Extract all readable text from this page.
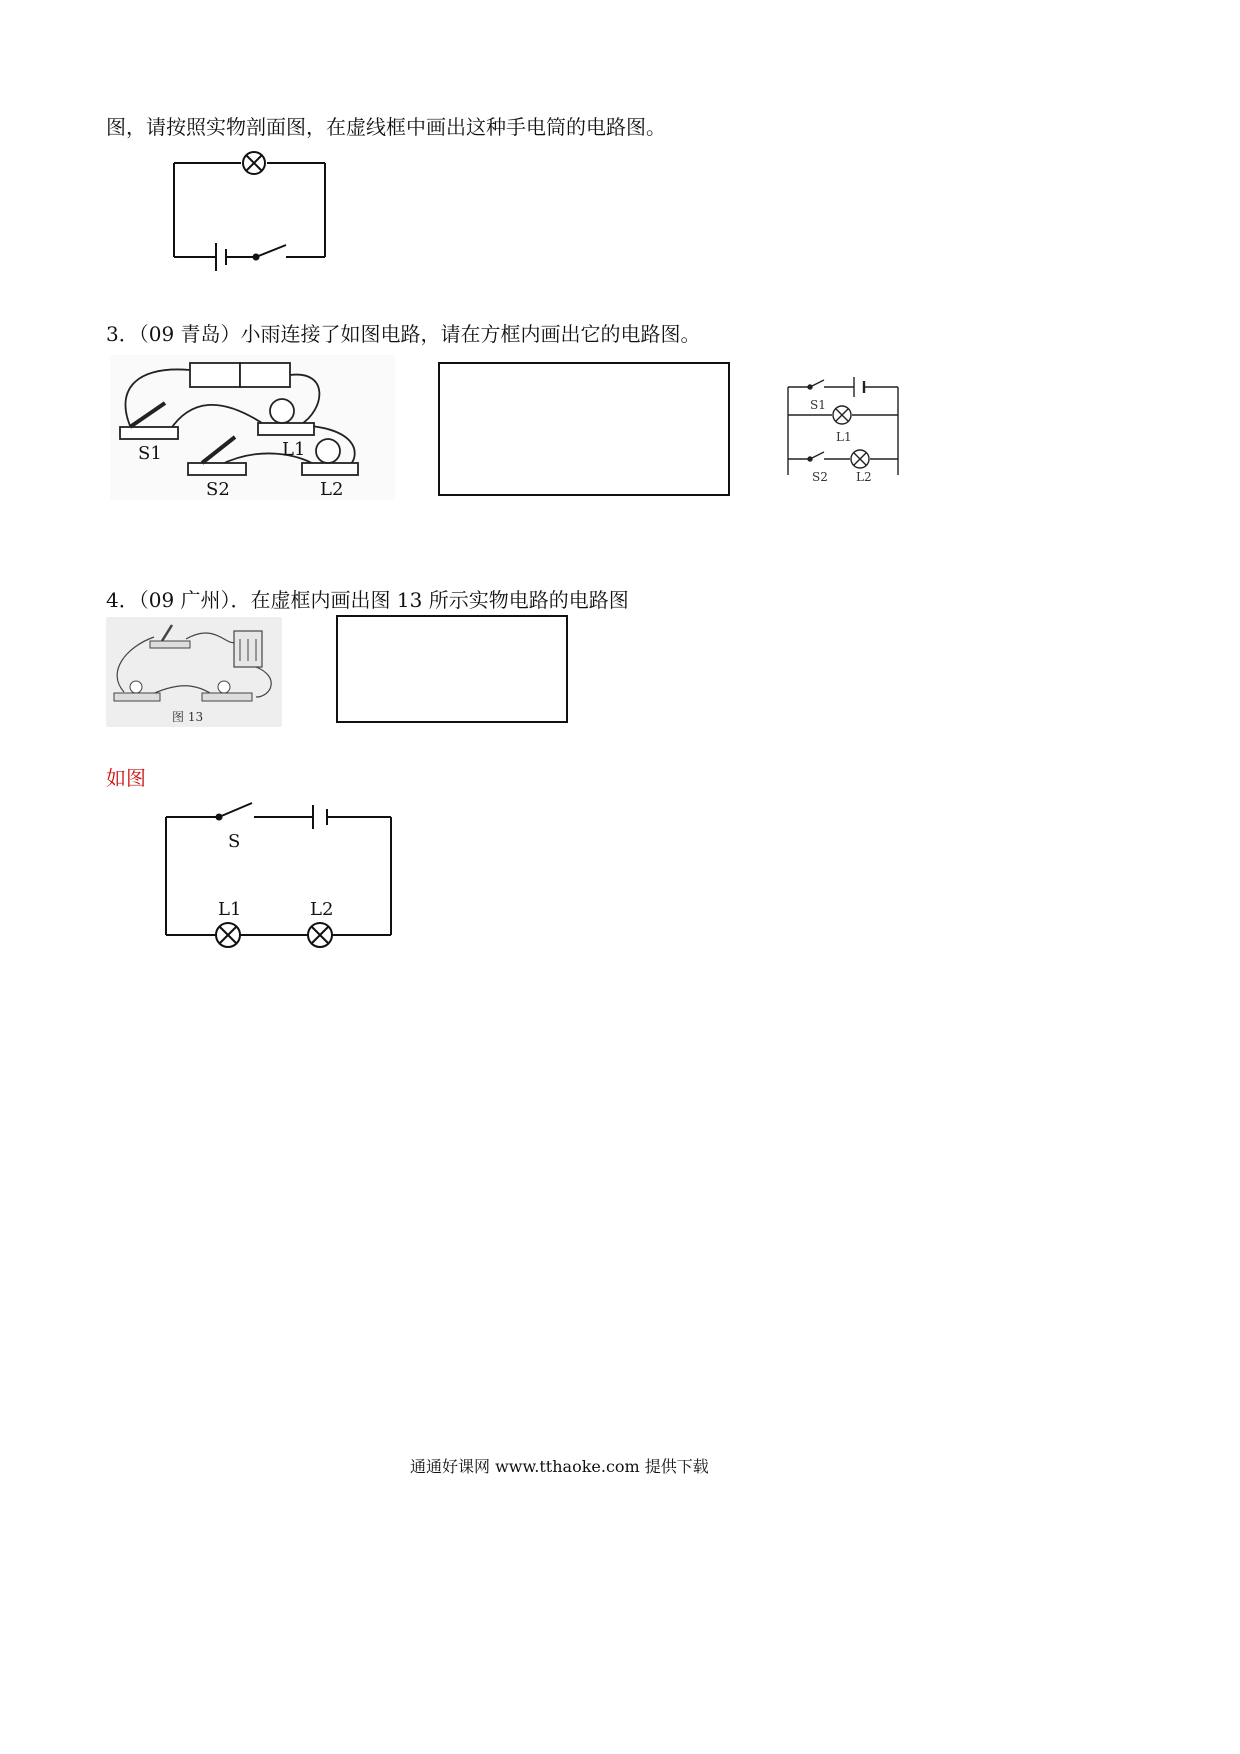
图，请按照实物剖面图，在虚线框中画出这种手电筒的电路图。
3．（09 青岛）小雨连接了如图电路，请在方框内画出它的电路图。
S1
S2
L1
L2
S1
L1
S2 L2
4．（09 广州）．在虚框内画出图 13 所示实物电路的电路图
图 13
如图
S
L1	L2
通通好课网 www.tthaoke.com 提供下载
